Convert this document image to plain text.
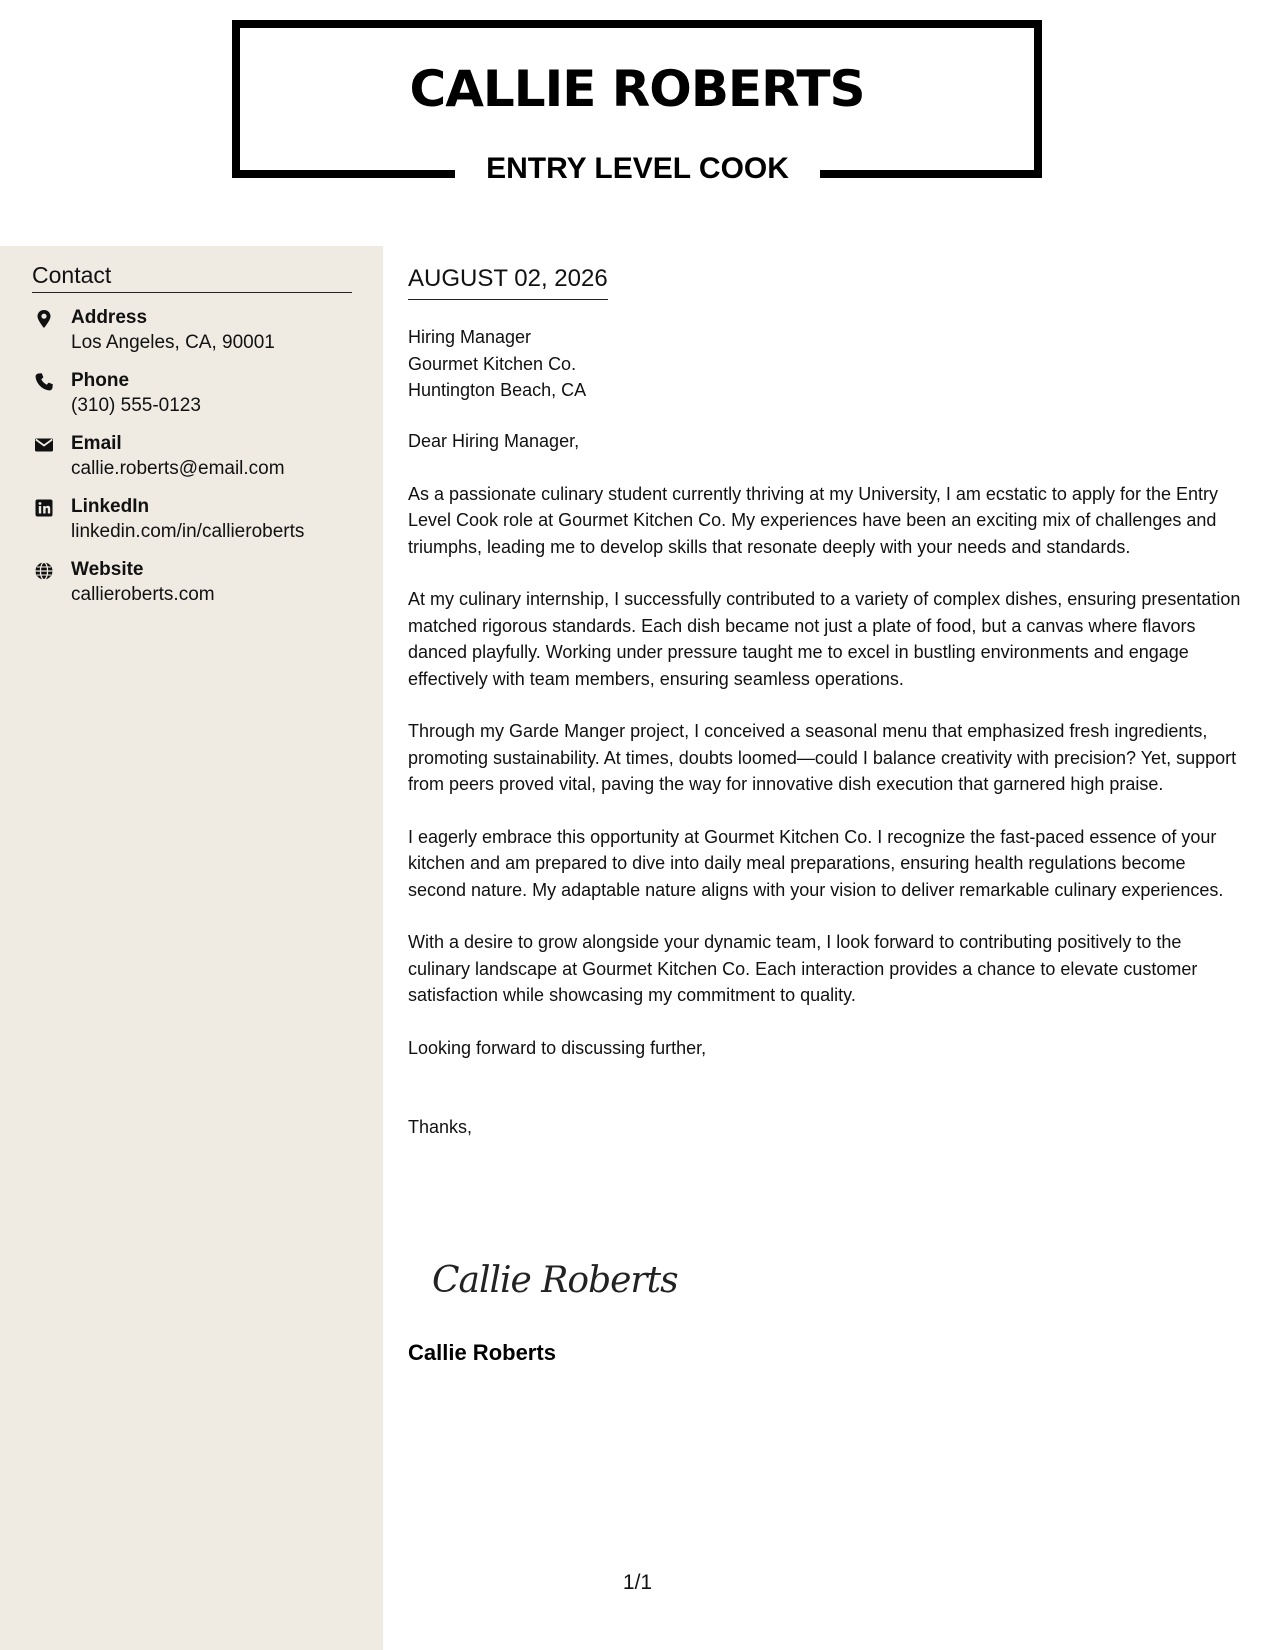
CALLIE ROBERTS
ENTRY LEVEL COOK
Contact
Address
Los Angeles, CA, 90001
Phone
(310) 555-0123
Email
callie.roberts@email.com
LinkedIn
linkedin.com/in/callieroberts
Website
callieroberts.com
AUGUST 02, 2026
Hiring Manager
Gourmet Kitchen Co.
Huntington Beach, CA

Dear Hiring Manager,

As a passionate culinary student currently thriving at my University, I am ecstatic to apply for the Entry Level Cook role at Gourmet Kitchen Co. My experiences have been an exciting mix of challenges and triumphs, leading me to develop skills that resonate deeply with your needs and standards.

At my culinary internship, I successfully contributed to a variety of complex dishes, ensuring presentation matched rigorous standards. Each dish became not just a plate of food, but a canvas where flavors danced playfully. Working under pressure taught me to excel in bustling environments and engage effectively with team members, ensuring seamless operations.

Through my Garde Manger project, I conceived a seasonal menu that emphasized fresh ingredients, promoting sustainability. At times, doubts loomed—could I balance creativity with precision? Yet, support from peers proved vital, paving the way for innovative dish execution that garnered high praise.

I eagerly embrace this opportunity at Gourmet Kitchen Co. I recognize the fast-paced essence of your kitchen and am prepared to dive into daily meal preparations, ensuring health regulations become second nature. My adaptable nature aligns with your vision to deliver remarkable culinary experiences.

With a desire to grow alongside your dynamic team, I look forward to contributing positively to the culinary landscape at Gourmet Kitchen Co. Each interaction provides a chance to elevate customer satisfaction while showcasing my commitment to quality.

Looking forward to discussing further,

Thanks,

Callie Roberts
Callie Roberts
1/1
